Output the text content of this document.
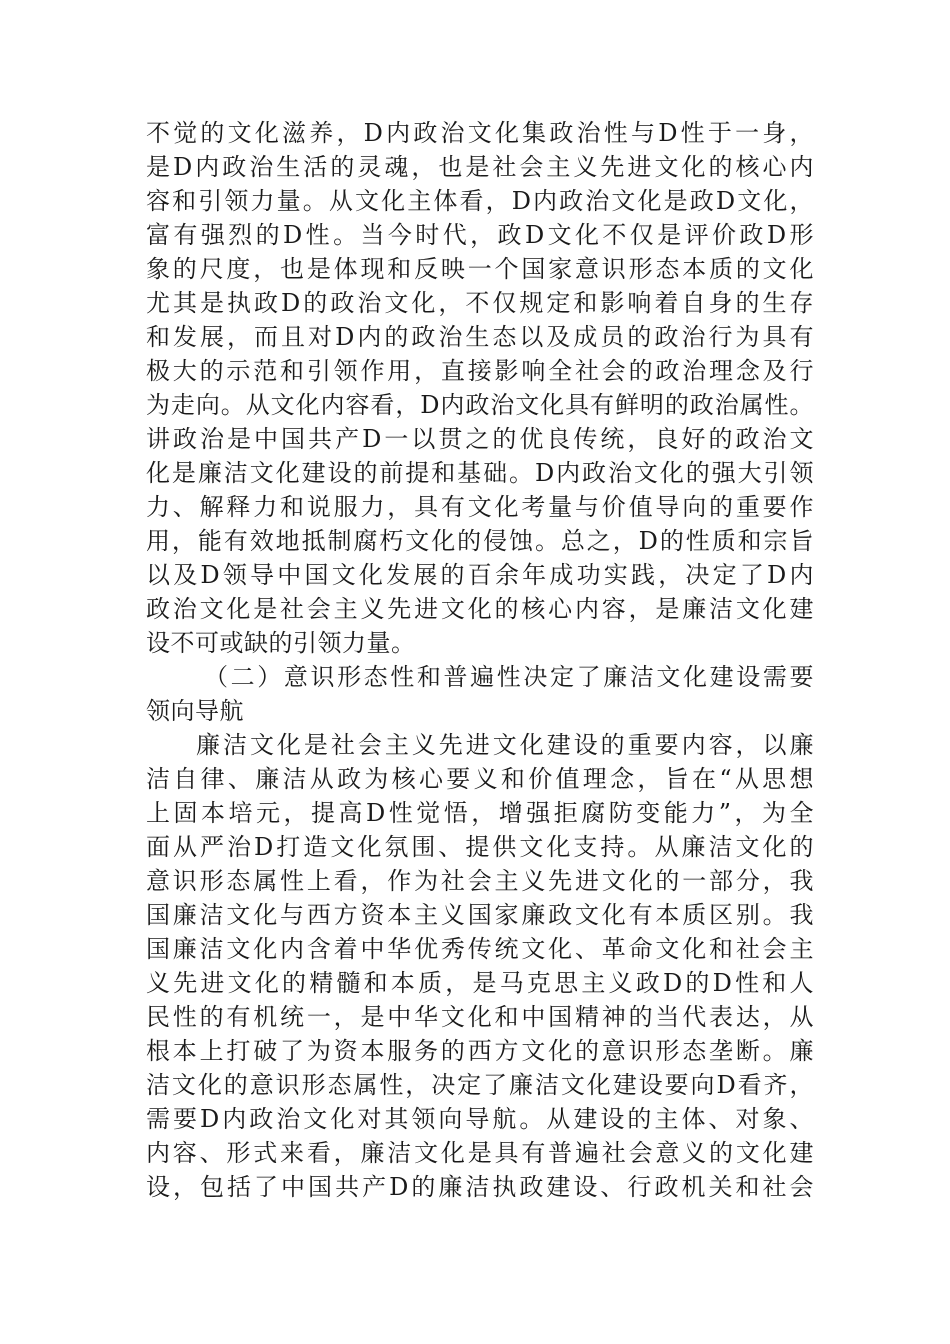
不觉的文化滋养，D内政治文化集政治性与D性于一身，
是D内政治生活的灵魂，也是社会主义先进文化的核心内
容和引领力量。从文化主体看，D内政治文化是政D文化，
富有强烈的D性。当今时代，政D文化不仅是评价政D形
象的尺度，也是体现和反映一个国家意识形态本质的文化
尤其是执政D的政治文化，不仅规定和影响着自身的生存
和发展，而且对D内的政治生态以及成员的政治行为具有
极大的示范和引领作用，直接影响全社会的政治理念及行
为走向。从文化内容看，D内政治文化具有鲜明的政治属性。
讲政治是中国共产D一以贯之的优良传统，良好的政治文
化是廉洁文化建设的前提和基础。D内政治文化的强大引领
力、解释力和说服力，具有文化考量与价值导向的重要作
用，能有效地抵制腐朽文化的侵蚀。总之，D的性质和宗旨
以及D领导中国文化发展的百余年成功实践，决定了D内
政治文化是社会主义先进文化的核心内容，是廉洁文化建
设不可或缺的引领力量。
（二）意识形态性和普遍性决定了廉洁文化建设需要
领向导航
廉洁文化是社会主义先进文化建设的重要内容，以廉
洁自律、廉洁从政为核心要义和价值理念，旨在“从思想
上固本培元，提高D性觉悟，增强拒腐防变能力”，为全
面从严治D打造文化氛围、提供文化支持。从廉洁文化的
意识形态属性上看，作为社会主义先进文化的一部分，我
国廉洁文化与西方资本主义国家廉政文化有本质区别。我
国廉洁文化内含着中华优秀传统文化、革命文化和社会主
义先进文化的精髓和本质，是马克思主义政D的D性和人
民性的有机统一，是中华文化和中国精神的当代表达，从
根本上打破了为资本服务的西方文化的意识形态垄断。廉
洁文化的意识形态属性，决定了廉洁文化建设要向D看齐，
需要D内政治文化对其领向导航。从建设的主体、对象、
内容、形式来看，廉洁文化是具有普遍社会意义的文化建
设，包括了中国共产D的廉洁执政建设、行政机关和社会
